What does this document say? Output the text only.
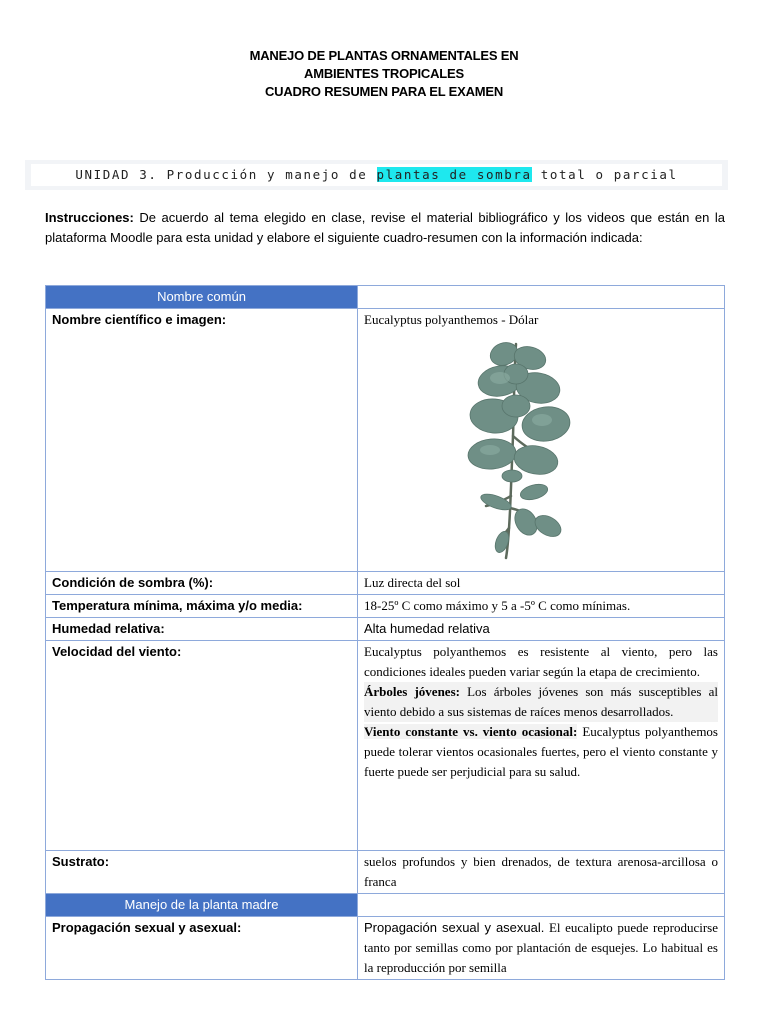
MANEJO DE PLANTAS ORNAMENTALES EN
AMBIENTES TROPICALES
CUADRO RESUMEN PARA EL EXAMEN
UNIDAD 3. Producción y manejo de plantas de sombra total o parcial
Instrucciones: De acuerdo al tema elegido en clase, revise el material bibliográfico y los videos que están en la plataforma Moodle para esta unidad y elabore el siguiente cuadro-resumen con la información indicada:
Nombre común	
Nombre científico e imagen:	Eucalyptus polyanthemos - Dólar

Condición de sombra (%):	Luz directa del sol
Temperatura mínima, máxima y/o media:	18-25º C como máximo y 5 a -5º C como mínimas.
Humedad relativa:	Alta humedad relativa
Velocidad del viento:	Eucalyptus polyanthemos es resistente al viento, pero las condiciones ideales pueden variar según la etapa de crecimiento.
Árboles jóvenes: Los árboles jóvenes son más susceptibles al viento debido a sus sistemas de raíces menos desarrollados.
Viento constante vs. viento ocasional: Eucalyptus polyanthemos puede tolerar vientos ocasionales fuertes, pero el viento constante y fuerte puede ser perjudicial para su salud.

Sustrato:	suelos profundos y bien drenados, de textura arenosa-arcillosa o franca
Manejo de la planta madre	
Propagación sexual y asexual:	Propagación sexual y asexual. El eucalipto puede reproducirse tanto por semillas como por plantación de esquejes. Lo habitual es la reproducción por semilla
